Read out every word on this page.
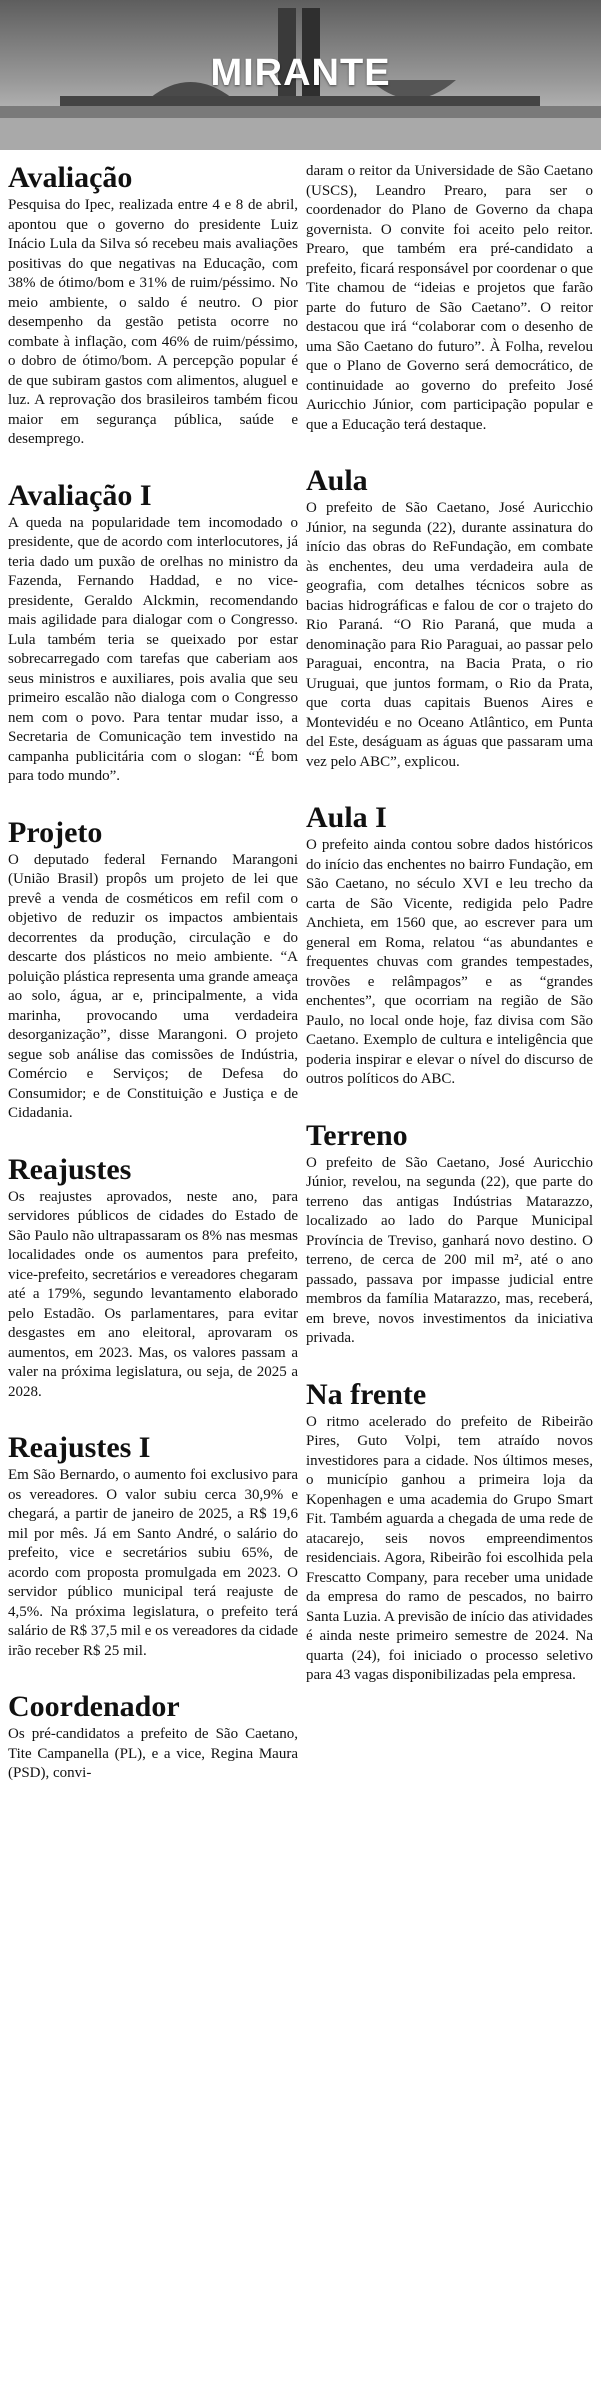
MIRANTE
Avaliação

Pesquisa do Ipec, realizada entre 4 e 8 de abril, apontou que o governo do presidente Luiz Inácio Lula da Silva só recebeu mais avaliações positivas do que negativas na Educação, com 38% de ótimo/bom e 31% de ruim/péssimo. No meio ambiente, o saldo é neutro. O pior desempenho da gestão petista ocorre no combate à inflação, com 46% de ruim/péssimo, o dobro de ótimo/bom. A percepção popular é de que subiram gastos com alimentos, aluguel e luz. A reprovação dos brasileiros também ficou maior em segurança pública, saúde e desemprego.

Avaliação I

A queda na popularidade tem incomodado o presidente, que de acordo com interlocutores, já teria dado um puxão de orelhas no ministro da Fazenda, Fernando Haddad, e no vice-presidente, Geraldo Alckmin, recomendando mais agilidade para dialogar com o Congresso. Lula também teria se queixado por estar sobrecarregado com tarefas que caberiam aos seus ministros e auxiliares, pois avalia que seu primeiro escalão não dialoga com o Congresso nem com o povo. Para tentar mudar isso, a Secretaria de Comunicação tem investido na campanha publicitária com o slogan: “É bom para todo mundo”.

Projeto

O deputado federal Fernando Marangoni (União Brasil) propôs um projeto de lei que prevê a venda de cosméticos em refil com o objetivo de reduzir os impactos ambientais decorrentes da produção, circulação e do descarte dos plásticos no meio ambiente. “A poluição plástica representa uma grande ameaça ao solo, água, ar e, principalmente, a vida marinha, provocando uma verdadeira desorganização”, disse Marangoni. O projeto segue sob análise das comissões de Indústria, Comércio e Serviços; de Defesa do Consumidor; e de Constituição e Justiça e de Cidadania.

Reajustes

Os reajustes aprovados, neste ano, para servidores públicos de cidades do Estado de São Paulo não ultrapassaram os 8% nas mesmas localidades onde os aumentos para prefeito, vice-prefeito, secretários e vereadores chegaram até a 179%, segundo levantamento elaborado pelo Estadão. Os parlamentares, para evitar desgastes em ano eleitoral, aprovaram os aumentos, em 2023. Mas, os valores passam a valer na próxima legislatura, ou seja, de 2025 a 2028.

Reajustes I

Em São Bernardo, o aumento foi exclusivo para os vereadores. O valor subiu cerca 30,9% e chegará, a partir de janeiro de 2025, a R$ 19,6 mil por mês. Já em Santo André, o salário do prefeito, vice e secretários subiu 65%, de acordo com proposta promulgada em 2023. O servidor público municipal terá reajuste de 4,5%. Na próxima legislatura, o prefeito terá salário de R$ 37,5 mil e os vereadores da cidade irão receber R$ 25 mil.

Coordenador

Os pré-candidatos a prefeito de São Caetano, Tite Campanella (PL), e a vice, Regina Maura (PSD), convi-

daram o reitor da Universidade de São Caetano (USCS), Leandro Prearo, para ser o coordenador do Plano de Governo da chapa governista. O convite foi aceito pelo reitor. Prearo, que também era pré-candidato a prefeito, ficará responsável por coordenar o que Tite chamou de “ideias e projetos que farão parte do futuro de São Caetano”. O reitor destacou que irá “colaborar com o desenho de uma São Caetano do futuro”. À Folha, revelou que o Plano de Governo será democrático, de continuidade ao governo do prefeito José Auricchio Júnior, com participação popular e que a Educação terá destaque.

Aula

O prefeito de São Caetano, José Auricchio Júnior, na segunda (22), durante assinatura do início das obras do ReFundação, em combate às enchentes, deu uma verdadeira aula de geografia, com detalhes técnicos sobre as bacias hidrográficas e falou de cor o trajeto do Rio Paraná. “O Rio Paraná, que muda a denominação para Rio Paraguai, ao passar pelo Paraguai, encontra, na Bacia Prata, o rio Uruguai, que juntos formam, o Rio da Prata, que corta duas capitais Buenos Aires e Montevidéu e no Oceano Atlântico, em Punta del Este, deságuam as águas que passaram uma vez pelo ABC”, explicou.

Aula I

O prefeito ainda contou sobre dados históricos do início das enchentes no bairro Fundação, em São Caetano, no século XVI e leu trecho da carta de São Vicente, redigida pelo Padre Anchieta, em 1560 que, ao escrever para um general em Roma, relatou “as abundantes e frequentes chuvas com grandes tempestades, trovões e relâmpagos” e as “grandes enchentes”, que ocorriam na região de São Paulo, no local onde hoje, faz divisa com São Caetano. Exemplo de cultura e inteligência que poderia inspirar e elevar o nível do discurso de outros políticos do ABC.

Terreno

O prefeito de São Caetano, José Auricchio Júnior, revelou, na segunda (22), que parte do terreno das antigas Indústrias Matarazzo, localizado ao lado do Parque Municipal Província de Treviso, ganhará novo destino. O terreno, de cerca de 200 mil m², até o ano passado, passava por impasse judicial entre membros da família Matarazzo, mas, receberá, em breve, novos investimentos da iniciativa privada.

Na frente

O ritmo acelerado do prefeito de Ribeirão Pires, Guto Volpi, tem atraído novos investidores para a cidade. Nos últimos meses, o município ganhou a primeira loja da Kopenhagen e uma academia do Grupo Smart Fit. Também aguarda a chegada de uma rede de atacarejo, seis novos empreendimentos residenciais. Agora, Ribeirão foi escolhida pela Frescatto Company, para receber uma unidade da empresa do ramo de pescados, no bairro Santa Luzia. A previsão de início das atividades é ainda neste primeiro semestre de 2024. Na quarta (24), foi iniciado o processo seletivo para 43 vagas disponibilizadas pela empresa.
